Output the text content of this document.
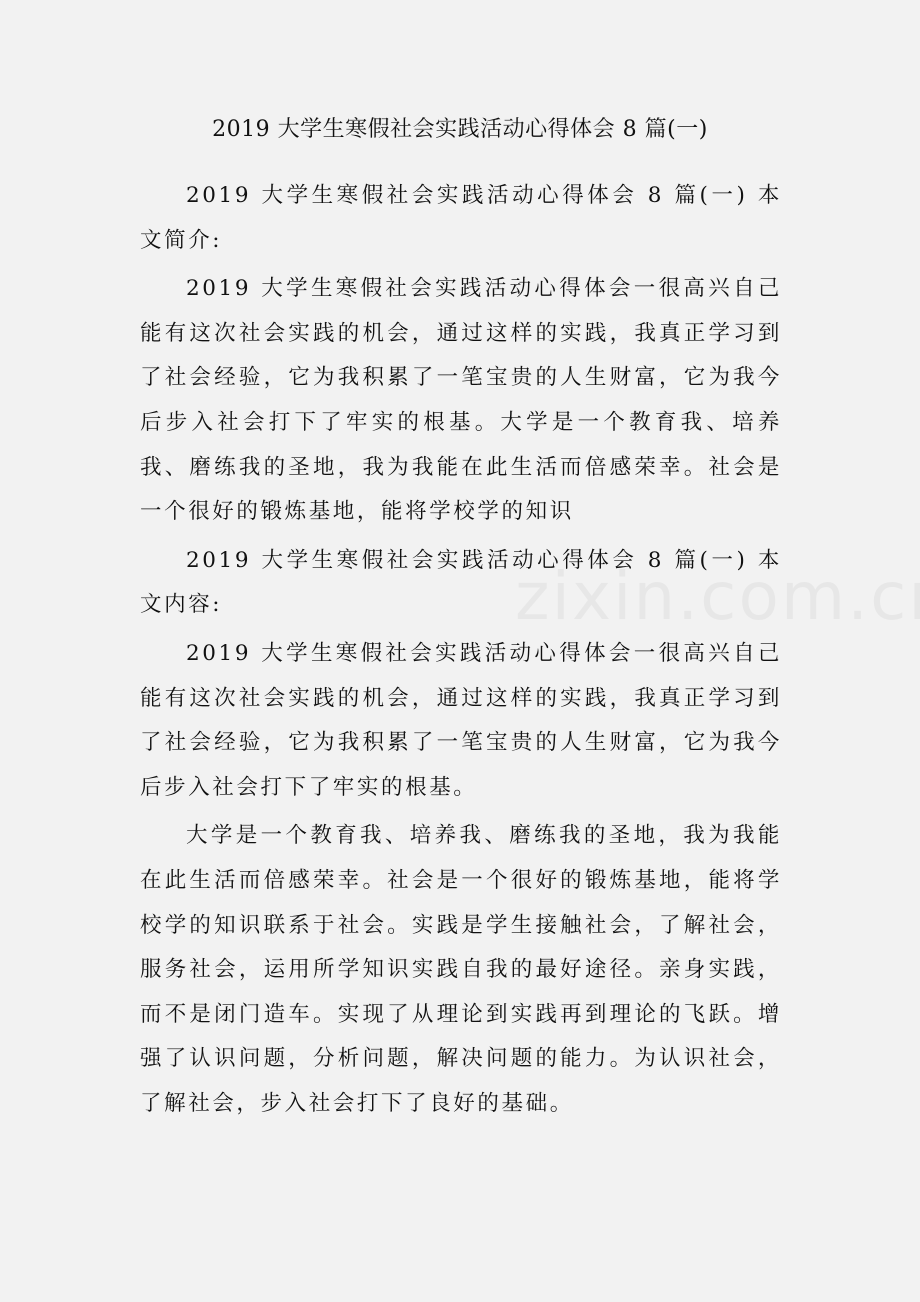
2019 大学生寒假社会实践活动心得体会 8 篇(一)

2019 大学生寒假社会实践活动心得体会 8 篇(一) 本文简介:

2019 大学生寒假社会实践活动心得体会一很高兴自己能有这次社会实践的机会，通过这样的实践，我真正学习到了社会经验，它为我积累了一笔宝贵的人生财富，它为我今后步入社会打下了牢实的根基。大学是一个教育我、培养我、磨练我的圣地，我为我能在此生活而倍感荣幸。社会是一个很好的锻炼基地，能将学校学的知识

2019 大学生寒假社会实践活动心得体会 8 篇(一) 本文内容:

2019 大学生寒假社会实践活动心得体会一很高兴自己能有这次社会实践的机会，通过这样的实践，我真正学习到了社会经验，它为我积累了一笔宝贵的人生财富，它为我今后步入社会打下了牢实的根基。

大学是一个教育我、培养我、磨练我的圣地，我为我能在此生活而倍感荣幸。社会是一个很好的锻炼基地，能将学校学的知识联系于社会。实践是学生接触社会，了解社会，服务社会，运用所学知识实践自我的最好途径。亲身实践，而不是闭门造车。实现了从理论到实践再到理论的飞跃。增强了认识问题，分析问题，解决问题的能力。为认识社会，了解社会，步入社会打下了良好的基础。
